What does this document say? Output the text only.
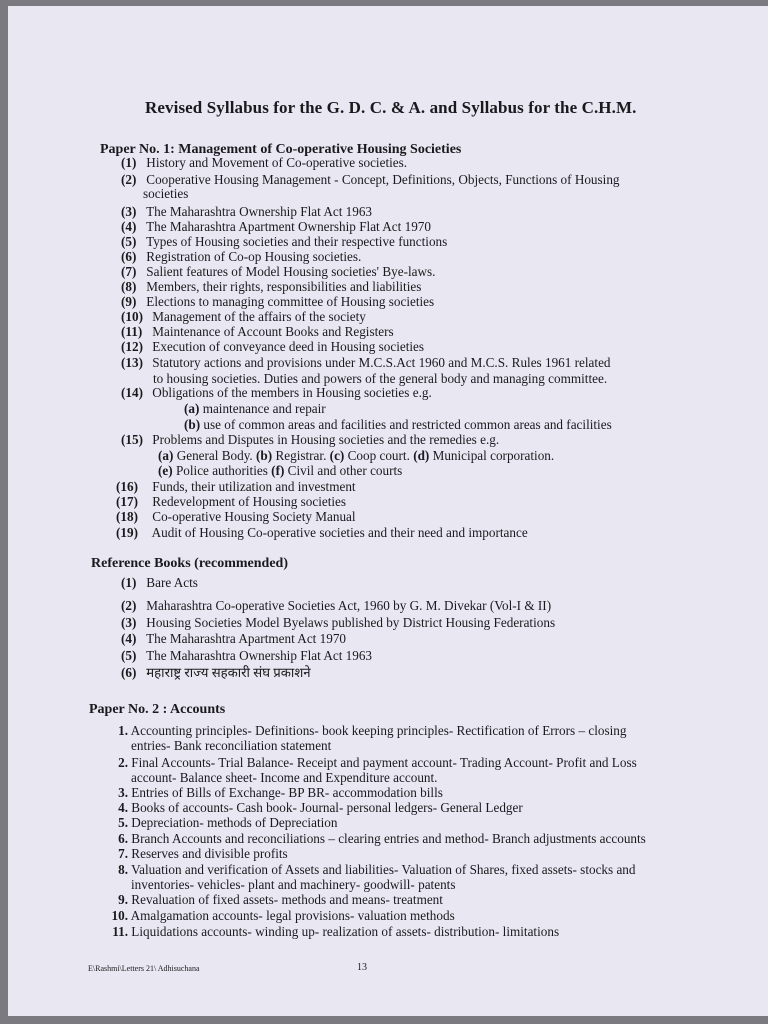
Revised Syllabus for the G. D. C. & A. and Syllabus for the C.H.M.
Paper No. 1: Management of Co-operative Housing Societies
(1) History and Movement of Co-operative societies.
(2) Cooperative Housing Management - Concept, Definitions, Objects, Functions of Housing
societies
(3) The Maharashtra Ownership Flat Act 1963
(4) The Maharashtra Apartment Ownership Flat Act 1970
(5) Types of Housing societies and their respective functions
(6) Registration of Co-op Housing societies.
(7) Salient features of Model Housing societies' Bye-laws.
(8) Members, their rights, responsibilities and liabilities
(9) Elections to managing committee of Housing societies
(10) Management of the affairs of the society
(11) Maintenance of Account Books and Registers
(12) Execution of conveyance deed in Housing societies
(13) Statutory actions and provisions under M.C.S.Act 1960 and M.C.S. Rules 1961 related
to housing societies. Duties and powers of the general body and managing committee.
(14) Obligations of the members in Housing societies e.g.
(a) maintenance and repair
(b) use of common areas and facilities and restricted common areas and facilities
(15) Problems and Disputes in Housing societies and the remedies e.g.
(a) General Body. (b) Registrar. (c) Coop court. (d) Municipal corporation.
(e) Police authorities (f) Civil and other courts
(16) Funds, their utilization and investment
(17) Redevelopment of Housing societies
(18) Co-operative Housing Society Manual
(19) Audit of Housing Co-operative societies and their need and importance
Reference Books (recommended)
(1) Bare Acts
(2) Maharashtra Co-operative Societies Act, 1960 by G. M. Divekar (Vol-I & II)
(3) Housing Societies Model Byelaws published by District Housing Federations
(4) The Maharashtra Apartment Act 1970
(5) The Maharashtra Ownership Flat Act 1963
(6) महाराष्ट्र राज्य सहकारी संघ प्रकाशने
Paper No. 2 : Accounts
1. Accounting principles- Definitions- book keeping principles- Rectification of Errors – closing
entries- Bank reconciliation statement
2. Final Accounts- Trial Balance- Receipt and payment account- Trading Account- Profit and Loss
account- Balance sheet- Income and Expenditure account.
3. Entries of Bills of Exchange- BP BR- accommodation bills
4. Books of accounts- Cash book- Journal- personal ledgers- General Ledger
5. Depreciation- methods of Depreciation
6. Branch Accounts and reconciliations – clearing entries and method- Branch adjustments accounts
7. Reserves and divisible profits
8. Valuation and verification of Assets and liabilities- Valuation of Shares, fixed assets- stocks and
inventories- vehicles- plant and machinery- goodwill- patents
9. Revaluation of fixed assets- methods and means- treatment
10. Amalgamation accounts- legal provisions- valuation methods
11. Liquidations accounts- winding up- realization of assets- distribution- limitations
E\Rashmi\Letters 21\ Adhisuchana	13
